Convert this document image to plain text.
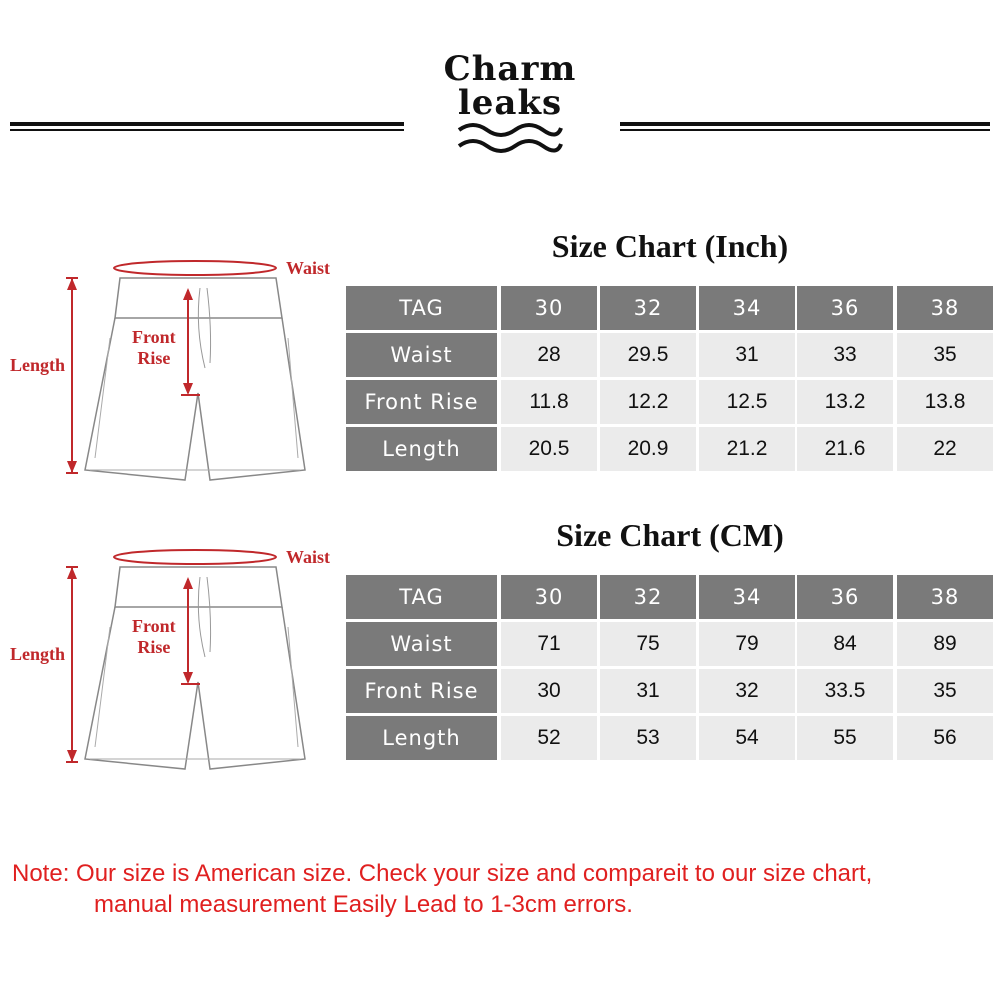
Charm
leaks
Size Chart (Inch)
Waist
Front
Rise
Length
TAG	30	32	34	36	38
Waist	28	29.5	31	33	35
Front Rise	11.8	12.2	12.5	13.2	13.8
Length	20.5	20.9	21.2	21.6	22
Size Chart (CM)
Waist
Front
Rise
Length
TAG	30	32	34	36	38
Waist	71	75	79	84	89
Front Rise	30	31	32	33.5	35
Length	52	53	54	55	56
Note: Our size is American size. Check your size and compareit to our size chart,
manual measurement Easily Lead to 1-3cm errors.
